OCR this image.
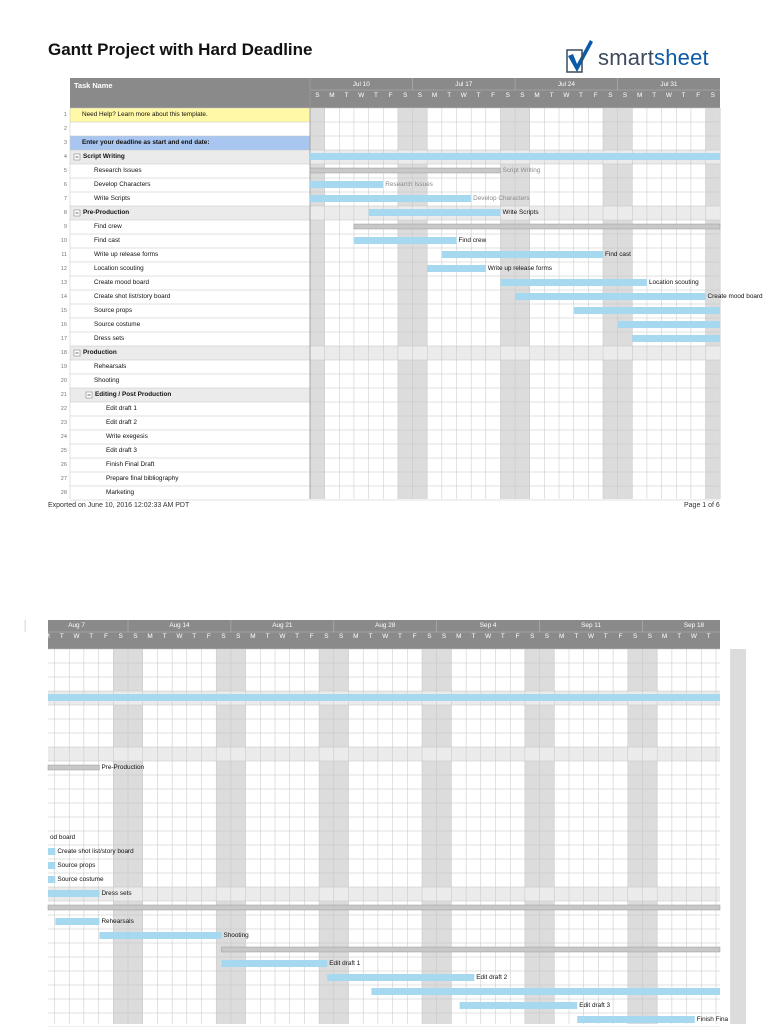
Gantt Project with Hard Deadline	smartsheet
S	M	T	W	T	F	S	S	M	T	W	T	F	S	S	M	T	W	T	F	S	S	M	T	W	T	F	S
Jul 10	Jul 17	Jul 24	Jul 31
Task Name
1 Need Help? Learn more about this template.
2
3 Enter your deadline as start and end date:
4	Script Writing
5	Research Issues
6	Develop Characters
7	Write Scripts
8	Pre-Production
9	Find crew
10	Find cast
11	Write up release forms
12	Location scouting
13	Create mood board
14	Create shot list/story board
15	Source props
16	Source costume
17	Dress sets
18	Production
19	Rehearsals
20	Shooting
21	Editing / Post Production
22	Edit draft 1
23	Edit draft 2
24	Write exegesis
25	Edit draft 3
26	Finish Final Draft
27	Prepare final bibliography
28	Marketing
Script Writing
Research Issues
Develop Characters
Write Scripts
Find crew
Find cast
Write up release forms
Location scouting
Create mood board
Exported on June 10, 2016 12:02:33 AM PDT	Page 1 of 6
M	T	W	T	F	S	S	M	T	W	T	F	S	S	M	T	W	T	F	S	S	M	T	W	T	F	S	S	M	T	W	T	F	S	S	M	T	W	T	F	S	S	M	T	W	T	F	S
Aug 7	Aug 14	Aug 21	Aug 28	Sep 4	Sep 11	Sep 18
Pre-Production
od board
Create shot list/story board
Source props
Source costume
Dress sets
Rehearsals
Shooting
Edit draft 1
Edit draft 2
Edit draft 3
Finish Fina
